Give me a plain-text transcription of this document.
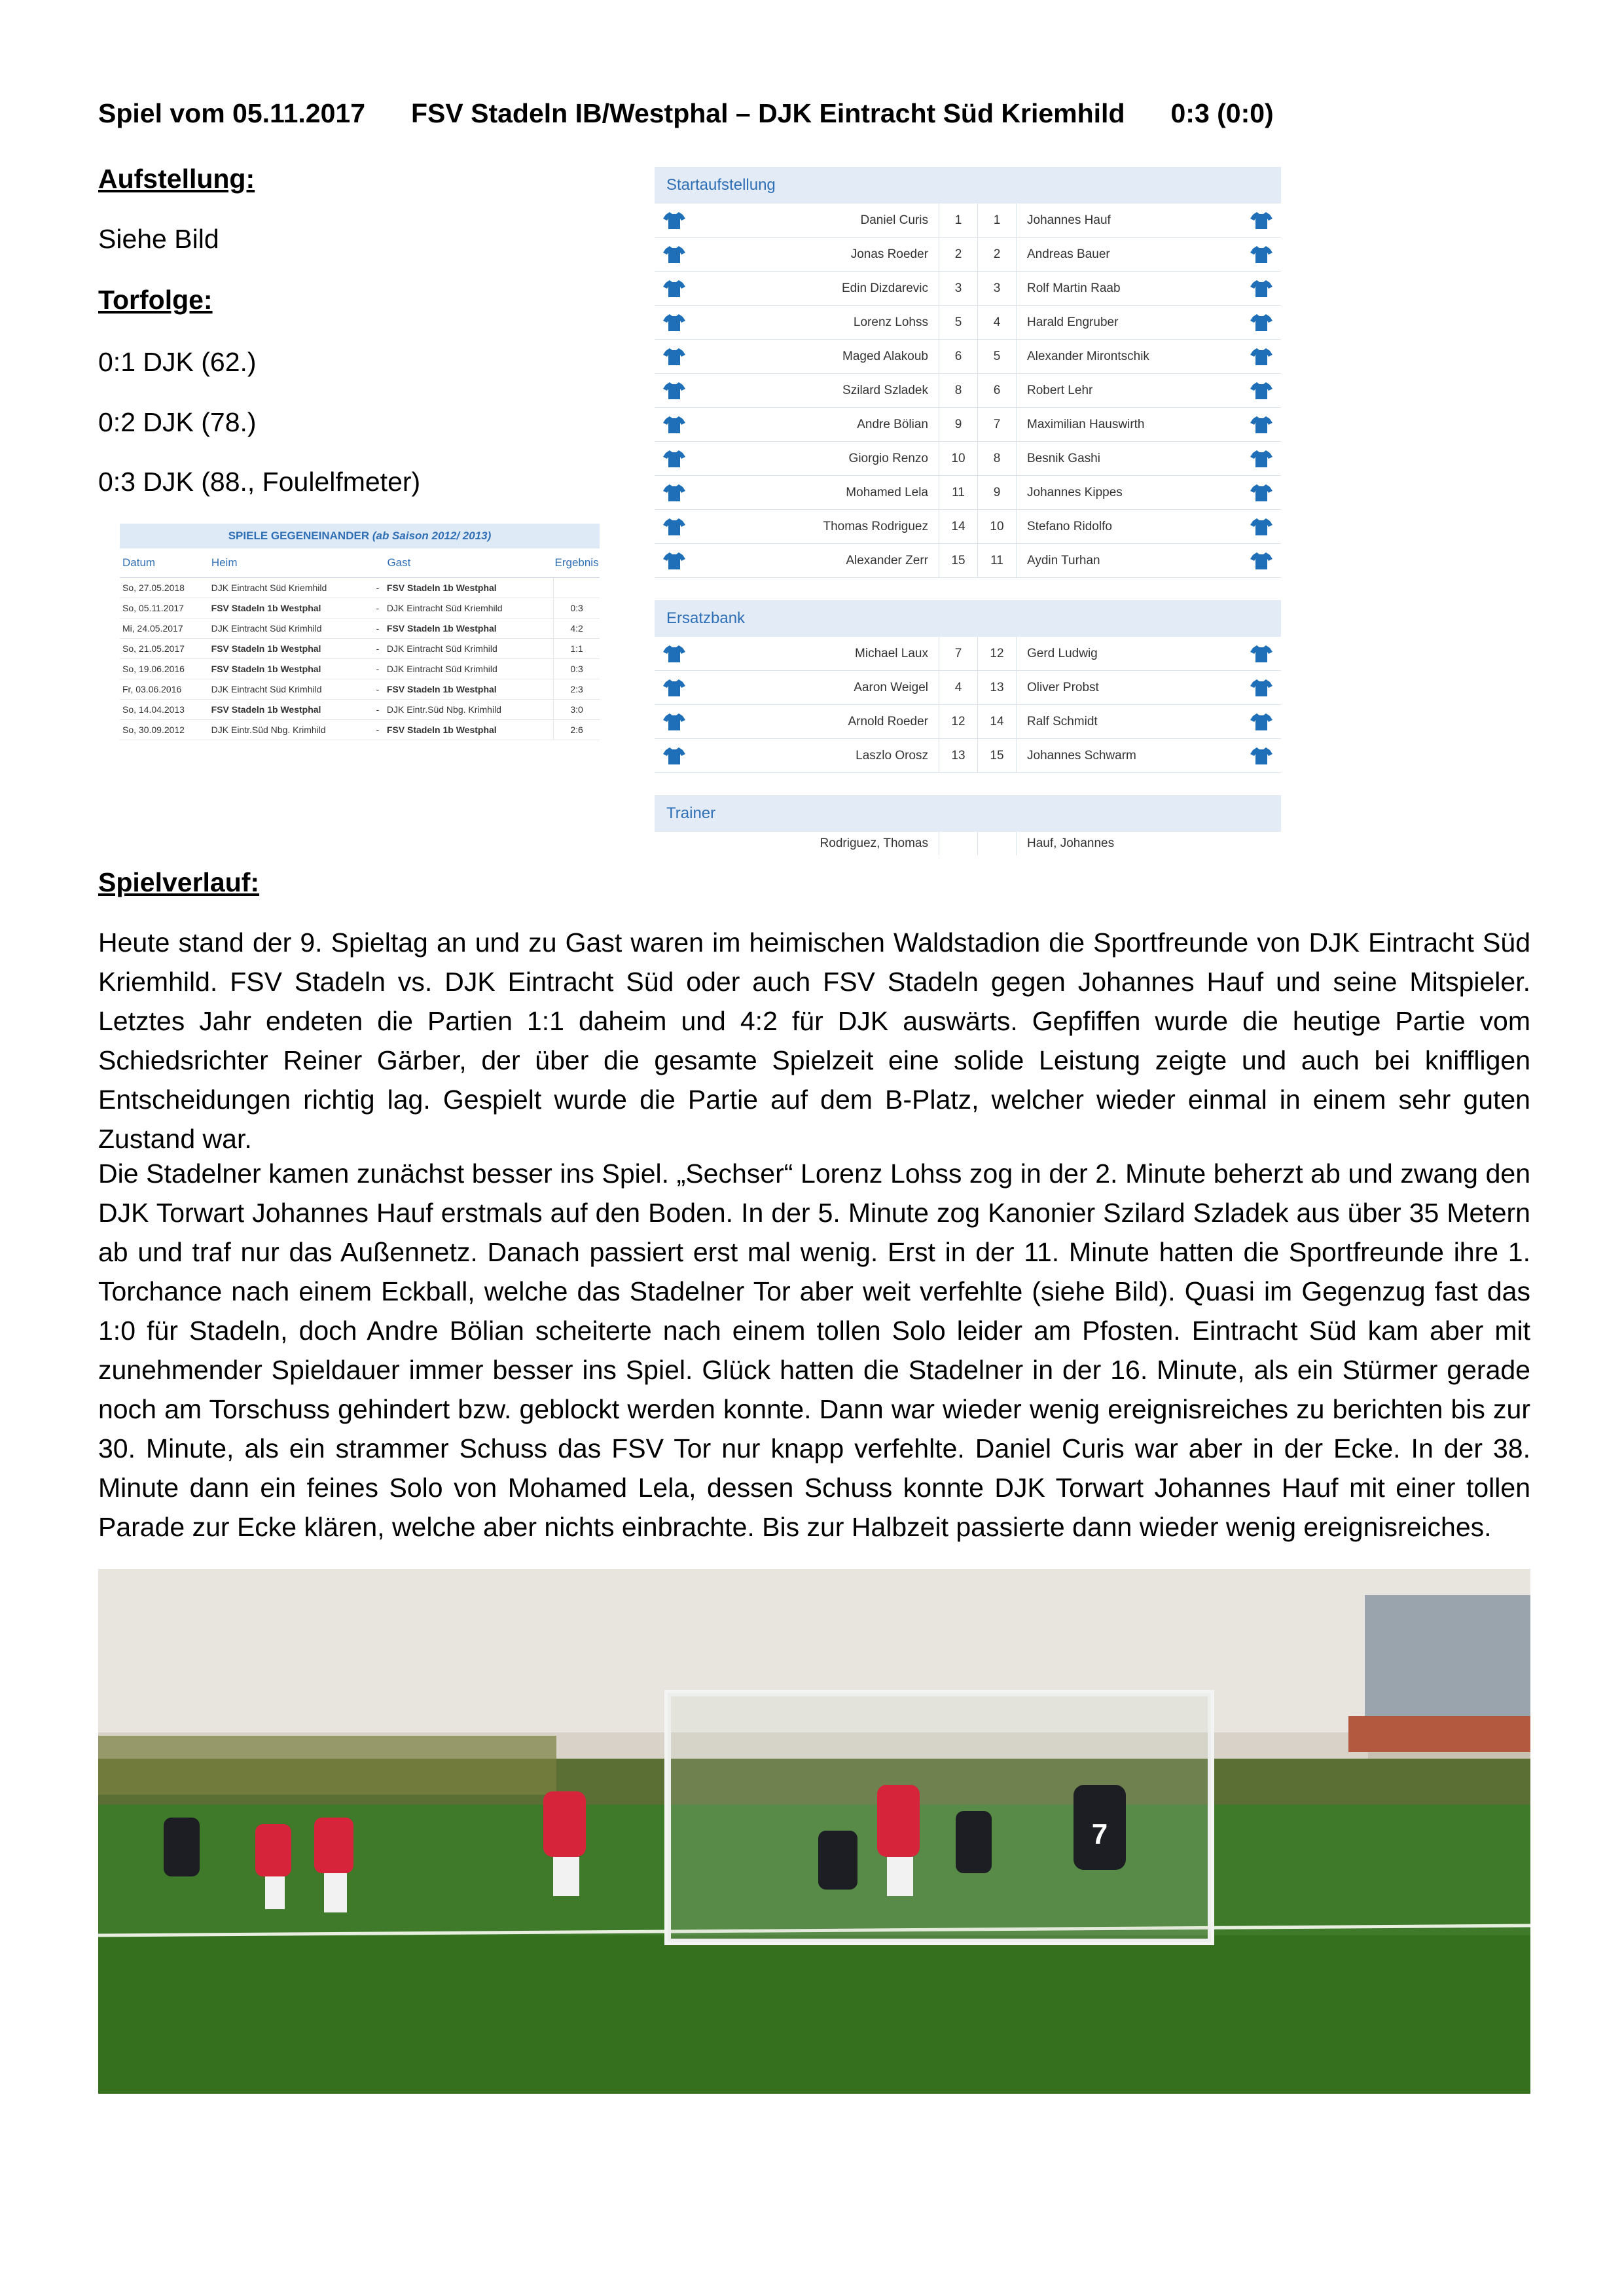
Spiel vom 05.11.2017 FSV Stadeln IB/Westphal – DJK Eintracht Süd Kriemhild 0:3 (0:0)
Aufstellung:
Siehe Bild
Torfolge:
0:1 DJK (62.)
0:2 DJK (78.)
0:3 DJK (88., Foulelfmeter)
SPIELE GEGENEINANDER (ab Saison 2012/ 2013)
Datum	Heim	Gast	Ergebnis
So, 27.05.2018	DJK Eintracht Süd Kriemhild	- FSV Stadeln 1b Westphal
So, 05.11.2017	FSV Stadeln 1b Westphal	- DJK Eintracht Süd Kriemhild	0:3
Mi, 24.05.2017	DJK Eintracht Süd Krimhild	- FSV Stadeln 1b Westphal	4:2
So, 21.05.2017	FSV Stadeln 1b Westphal	- DJK Eintracht Süd Krimhild	1:1
So, 19.06.2016	FSV Stadeln 1b Westphal	- DJK Eintracht Süd Krimhild	0:3
Fr, 03.06.2016	DJK Eintracht Süd Krimhild	- FSV Stadeln 1b Westphal	2:3
So, 14.04.2013	FSV Stadeln 1b Westphal	- DJK Eintr.Süd Nbg. Krimhild	3:0
So, 30.09.2012	DJK Eintr.Süd Nbg. Krimhild	- FSV Stadeln 1b Westphal	2:6
Startaufstellung
Daniel Curis	1	1	Johannes Hauf
Jonas Roeder	2	2	Andreas Bauer
Edin Dizdarevic	3	3	Rolf Martin Raab
Lorenz Lohss	5	4	Harald Engruber
Maged Alakoub	6	5	Alexander Mirontschik
Szilard Szladek	8	6	Robert Lehr
Andre Bölian	9	7	Maximilian Hauswirth
Giorgio Renzo	10	8	Besnik Gashi
Mohamed Lela	11	9	Johannes Kippes
Thomas Rodriguez	14	10	Stefano Ridolfo
Alexander Zerr	15	11	Aydin Turhan
Ersatzbank
Michael Laux	7	12	Gerd Ludwig
Aaron Weigel	4	13	Oliver Probst
Arnold Roeder	12	14	Ralf Schmidt
Laszlo Orosz	13	15	Johannes Schwarm
Trainer
Rodriguez, Thomas	Hauf, Johannes
Spielverlauf:
Heute stand der 9. Spieltag an und zu Gast waren im heimischen Waldstadion die Sportfreunde von DJK Eintracht Süd Kriemhild. FSV Stadeln vs. DJK Eintracht Süd oder auch FSV Stadeln gegen Johannes Hauf und seine Mitspieler. Letztes Jahr endeten die Partien 1:1 daheim und 4:2 für DJK auswärts. Gepfiffen wurde die heutige Partie vom Schiedsrichter Reiner Gärber, der über die gesamte Spielzeit eine solide Leistung zeigte und auch bei kniffligen Entscheidungen richtig lag. Gespielt wurde die Partie auf dem B-Platz, welcher wieder einmal in einem sehr guten Zustand war.
Die Stadelner kamen zunächst besser ins Spiel. „Sechser“ Lorenz Lohss zog in der 2. Minute beherzt ab und zwang den DJK Torwart Johannes Hauf erstmals auf den Boden. In der 5. Minute zog Kanonier Szilard Szladek aus über 35 Metern ab und traf nur das Außennetz. Danach passiert erst mal wenig. Erst in der 11. Minute hatten die Sportfreunde ihre 1. Torchance nach einem Eckball, welche das Stadelner Tor aber weit verfehlte (siehe Bild). Quasi im Gegenzug fast das 1:0 für Stadeln, doch Andre Bölian scheiterte nach einem tollen Solo leider am Pfosten. Eintracht Süd kam aber mit zunehmender Spieldauer immer besser ins Spiel. Glück hatten die Stadelner in der 16. Minute, als ein Stürmer gerade noch am Torschuss gehindert bzw. geblockt werden konnte. Dann war wieder wenig ereignisreiches zu berichten bis zur 30. Minute, als ein strammer Schuss das FSV Tor nur knapp verfehlte. Daniel Curis war aber in der Ecke. In der 38. Minute dann ein feines Solo von Mohamed Lela, dessen Schuss konnte DJK Torwart Johannes Hauf mit einer tollen Parade zur Ecke klären, welche aber nichts einbrachte. Bis zur Halbzeit passierte dann wieder wenig ereignisreiches.
7
